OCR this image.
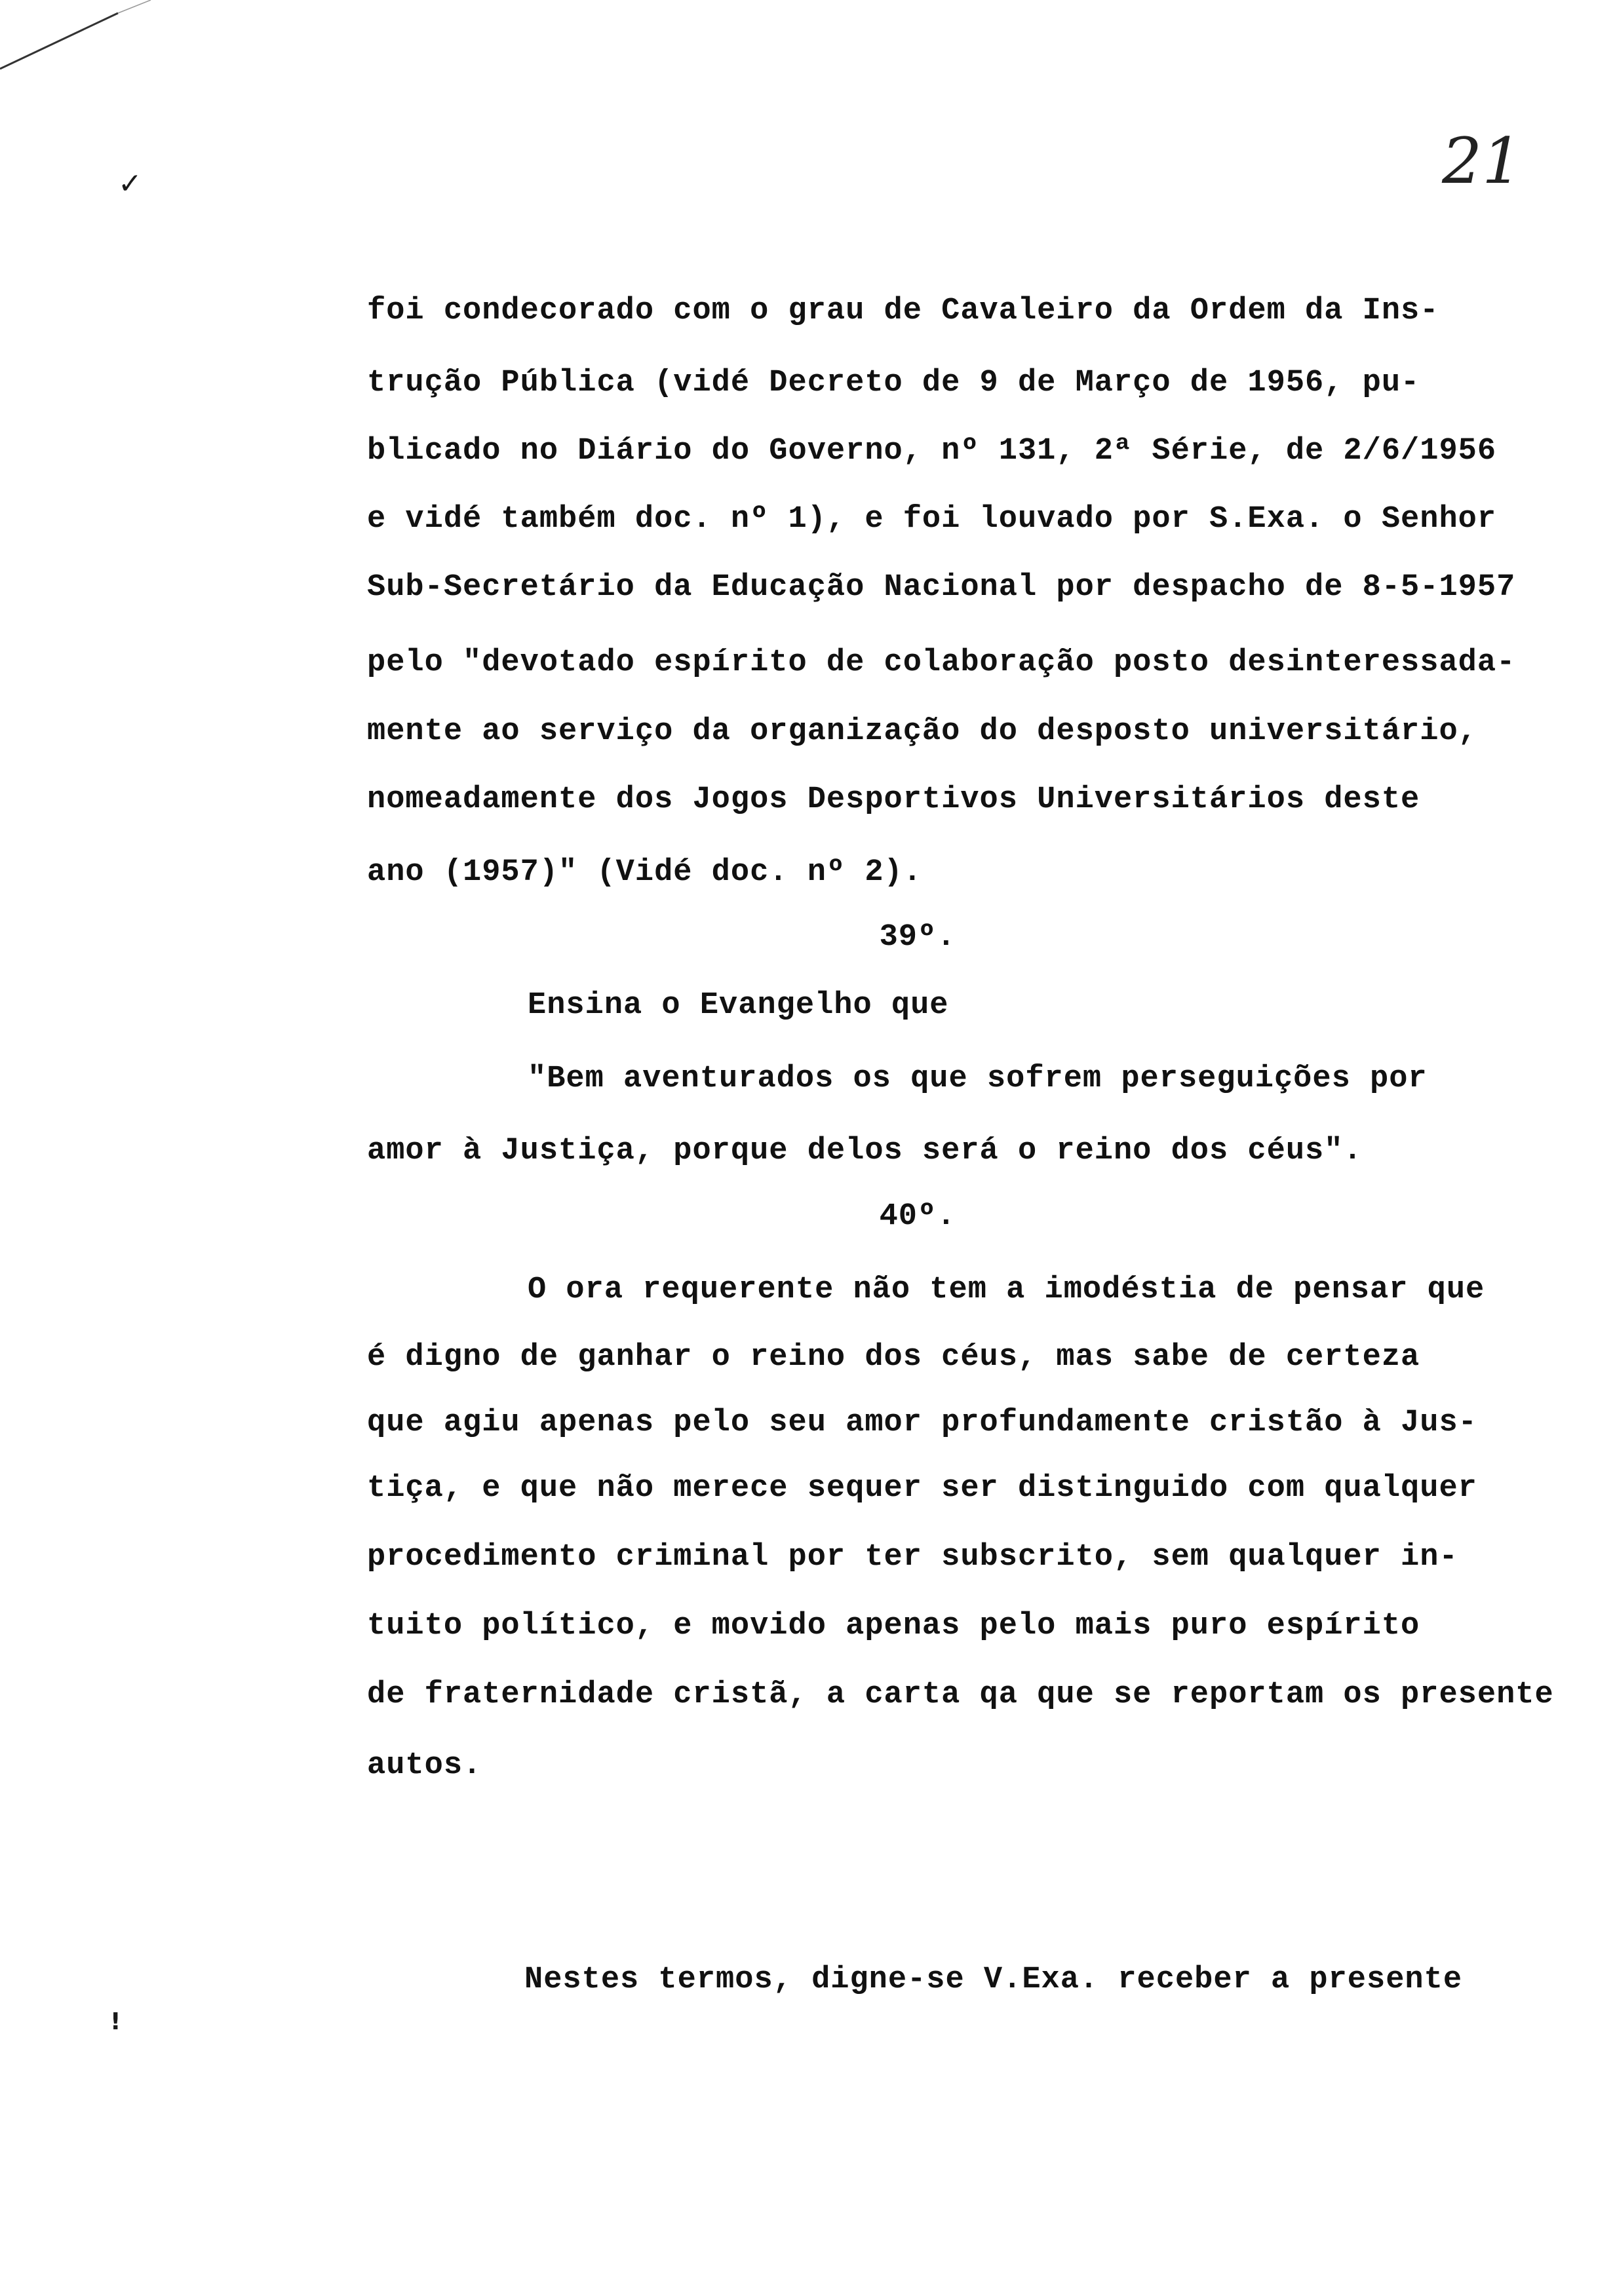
✓
!
21
foi condecorado com o grau de Cavaleiro da Ordem da Ins-
trução Pública (vidé Decreto de 9 de Março de 1956, pu-
blicado no Diário do Governo, nº 131, 2ª Série, de 2/6/1956
e vidé também doc. nº 1), e foi louvado por S.Exa. o Senhor
Sub-Secretário da Educação Nacional por despacho de 8-5-1957
pelo "devotado espírito de colaboração posto desinteressada-
mente ao serviço da organização do desposto universitário,
nomeadamente dos Jogos Desportivos Universitários deste
ano (1957)" (Vidé doc. nº 2).
39º.
Ensina o Evangelho que
"Bem aventurados os que sofrem perseguições por
amor à Justiça, porque delos será o reino dos céus".
40º.
O ora requerente não tem a imodéstia de pensar que
é digno de ganhar o reino dos céus, mas sabe de certeza
que agiu apenas pelo seu amor profundamente cristão à Jus-
tiça, e que não merece sequer ser distinguido com qualquer
procedimento criminal por ter subscrito, sem qualquer in-
tuito político, e movido apenas pelo mais puro espírito
de fraternidade cristã, a carta qa que se reportam os presente
autos.
Nestes termos, digne-se V.Exa. receber a presente
